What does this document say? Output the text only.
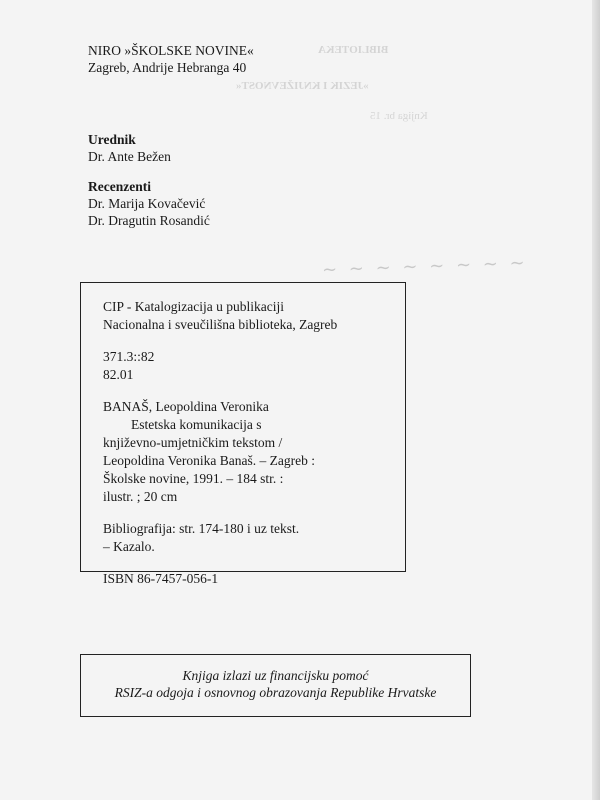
BIBLIOTEKA
»JEZIK I KNJIŽEVNOST«
Knjiga br. 15
~ ~ ~ ~ ~ ~ ~ ~
NIRO »ŠKOLSKE NOVINE«
Zagreb, Andrije Hebranga 40
Urednik
Dr. Ante Bežen
Recenzenti
Dr. Marija Kovačević
Dr. Dragutin Rosandić
CIP - Katalogizacija u publikaciji
Nacionalna i sveučilišna biblioteka, Zagreb
371.3::82
82.01
BANAŠ, Leopoldina Veronika
Estetska komunikacija s
književno-umjetničkim tekstom /
Leopoldina Veronika Banaš. – Zagreb :
Školske novine, 1991. – 184 str. :
ilustr. ; 20 cm
Bibliografija: str. 174-180 i uz tekst.
– Kazalo.
ISBN 86-7457-056-1
Knjiga izlazi uz financijsku pomoć
RSIZ-a odgoja i osnovnog obrazovanja Republike Hrvatske
